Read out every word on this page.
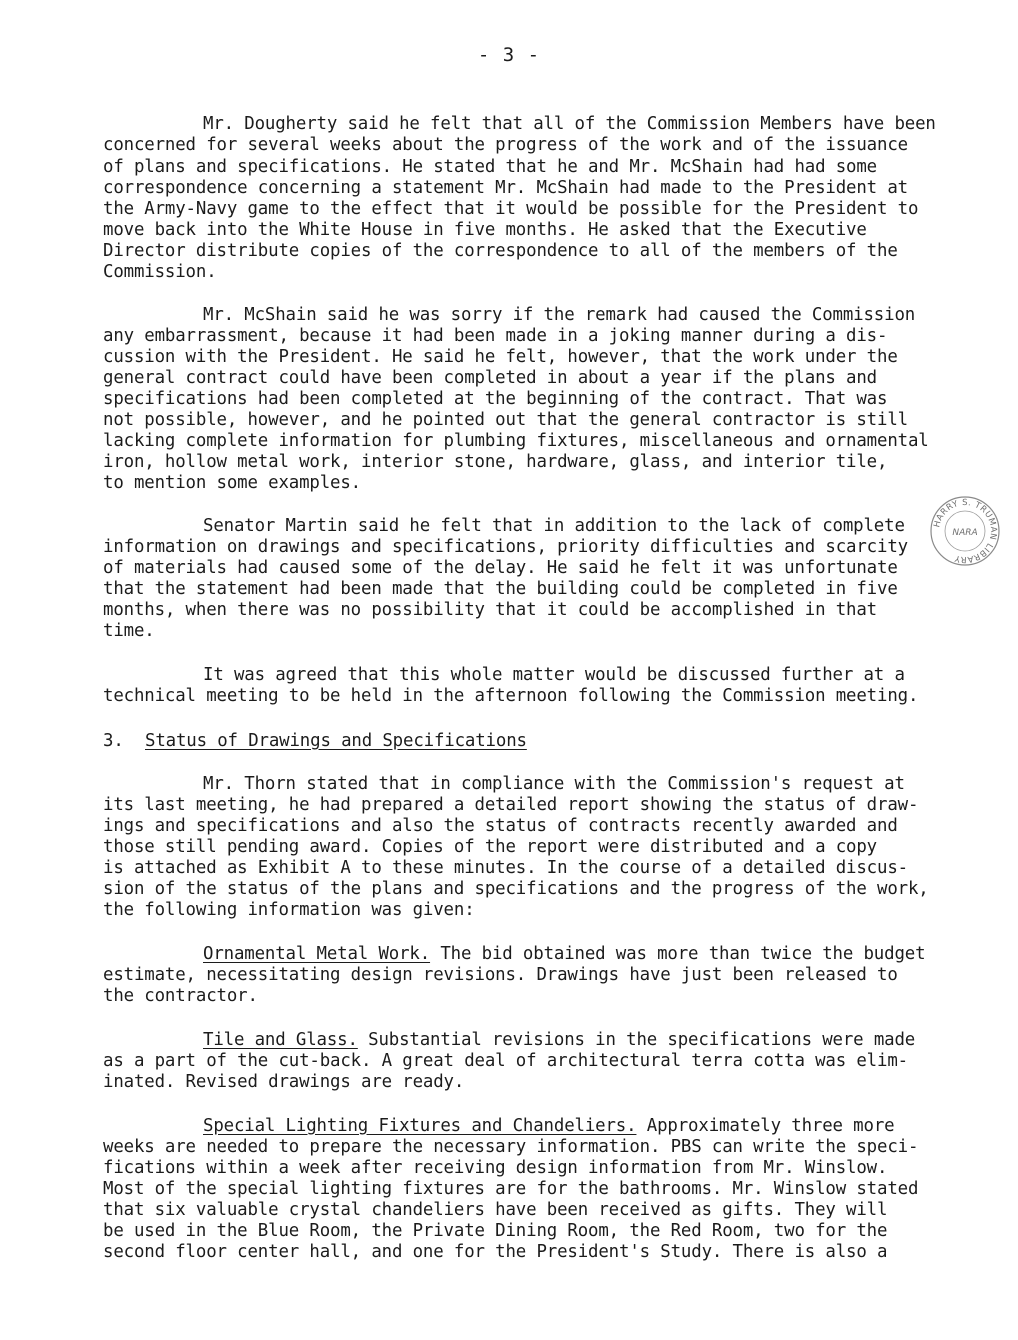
- 3 -
Mr. Dougherty said he felt that all of the Commission Members have been
concerned for several weeks about the progress of the work and of the issuance
of plans and specifications. He stated that he and Mr. McShain had had some
correspondence concerning a statement Mr. McShain had made to the President at
the Army-Navy game to the effect that it would be possible for the President to
move back into the White House in five months. He asked that the Executive
Director distribute copies of the correspondence to all of the members of the
Commission.
Mr. McShain said he was sorry if the remark had caused the Commission
any embarrassment, because it had been made in a joking manner during a dis-
cussion with the President. He said he felt, however, that the work under the
general contract could have been completed in about a year if the plans and
specifications had been completed at the beginning of the contract. That was
not possible, however, and he pointed out that the general contractor is still
lacking complete information for plumbing fixtures, miscellaneous and ornamental
iron, hollow metal work, interior stone, hardware, glass, and interior tile,
to mention some examples.
Senator Martin said he felt that in addition to the lack of complete
information on drawings and specifications, priority difficulties and scarcity
of materials had caused some of the delay. He said he felt it was unfortunate
that the statement had been made that the building could be completed in five
months, when there was no possibility that it could be accomplished in that
time.
It was agreed that this whole matter would be discussed further at a
technical meeting to be held in the afternoon following the Commission meeting.
3. Status of Drawings and Specifications
Mr. Thorn stated that in compliance with the Commission's request at
its last meeting, he had prepared a detailed report showing the status of draw-
ings and specifications and also the status of contracts recently awarded and
those still pending award. Copies of the report were distributed and a copy
is attached as Exhibit A to these minutes. In the course of a detailed discus-
sion of the status of the plans and specifications and the progress of the work,
the following information was given:
Ornamental Metal Work. The bid obtained was more than twice the budget
estimate, necessitating design revisions. Drawings have just been released to
the contractor.
Tile and Glass. Substantial revisions in the specifications were made
as a part of the cut-back. A great deal of architectural terra cotta was elim-
inated. Revised drawings are ready.
Special Lighting Fixtures and Chandeliers. Approximately three more
weeks are needed to prepare the necessary information. PBS can write the speci-
fications within a week after receiving design information from Mr. Winslow.
Most of the special lighting fixtures are for the bathrooms. Mr. Winslow stated
that six valuable crystal chandeliers have been received as gifts. They will
be used in the Blue Room, the Private Dining Room, the Red Room, two for the
second floor center hall, and one for the President's Study. There is also a
HARRY S. TRUMAN LIBRARY
NARA
